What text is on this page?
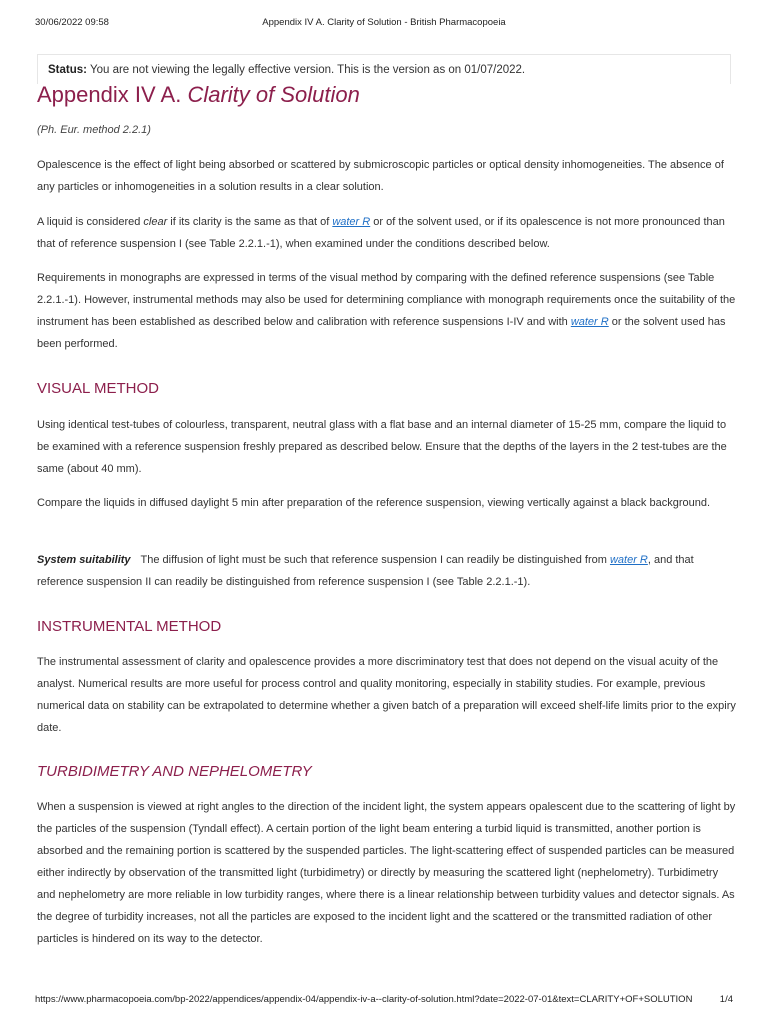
30/06/2022 09:58	Appendix IV A. Clarity of Solution - British Pharmacopoeia
Status: You are not viewing the legally effective version. This is the version as on 01/07/2022.
Appendix IV A. Clarity of Solution
(Ph. Eur. method 2.2.1)

Opalescence is the effect of light being absorbed or scattered by submicroscopic particles or optical density inhomogeneities. The absence of any particles or inhomogeneities in a solution results in a clear solution.

A liquid is considered clear if its clarity is the same as that of water R or of the solvent used, or if its opalescence is not more pronounced than that of reference suspension I (see Table 2.2.1.-1), when examined under the conditions described below.

Requirements in monographs are expressed in terms of the visual method by comparing with the defined reference suspensions (see Table 2.2.1.-1). However, instrumental methods may also be used for determining compliance with monograph requirements once the suitability of the instrument has been established as described below and calibration with reference suspensions I-IV and with water R or the solvent used has been performed.

VISUAL METHOD

Using identical test-tubes of colourless, transparent, neutral glass with a flat base and an internal diameter of 15-25 mm, compare the liquid to be examined with a reference suspension freshly prepared as described below. Ensure that the depths of the layers in the 2 test-tubes are the same (about 40 mm).

Compare the liquids in diffused daylight 5 min after preparation of the reference suspension, viewing vertically against a black background.

System suitability The diffusion of light must be such that reference suspension I can readily be distinguished from water R, and that reference suspension II can readily be distinguished from reference suspension I (see Table 2.2.1.-1).

INSTRUMENTAL METHOD

The instrumental assessment of clarity and opalescence provides a more discriminatory test that does not depend on the visual acuity of the analyst. Numerical results are more useful for process control and quality monitoring, especially in stability studies. For example, previous numerical data on stability can be extrapolated to determine whether a given batch of a preparation will exceed shelf-life limits prior to the expiry date.

TURBIDIMETRY AND NEPHELOMETRY

When a suspension is viewed at right angles to the direction of the incident light, the system appears opalescent due to the scattering of light by the particles of the suspension (Tyndall effect). A certain portion of the light beam entering a turbid liquid is transmitted, another portion is absorbed and the remaining portion is scattered by the suspended particles. The light-scattering effect of suspended particles can be measured either indirectly by observation of the transmitted light (turbidimetry) or directly by measuring the scattered light (nephelometry). Turbidimetry and nephelometry are more reliable in low turbidity ranges, where there is a linear relationship between turbidity values and detector signals. As the degree of turbidity increases, not all the particles are exposed to the incident light and the scattered or the transmitted radiation of other particles is hindered on its way to the detector.

https://www.pharmacopoeia.com/bp-2022/appendices/appendix-04/appendix-iv-a--clarity-of-solution.html?date=2022-07-01&text=CLARITY+OF+SOLUTION	1/4
